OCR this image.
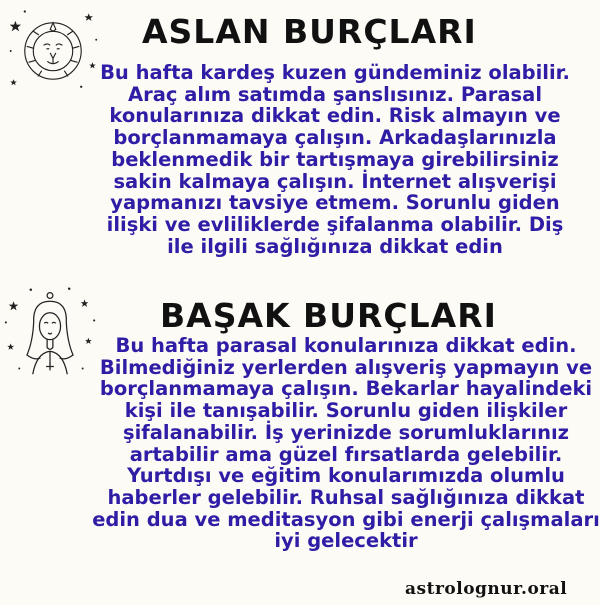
ASLAN BURÇLARI

Bu hafta kardeş kuzen gündeminiz olabilir. Araç alım satımda şanslısınız. Parasal konularınıza dikkat edin. Risk almayın ve borçlanmamaya çalışın. Arkadaşlarınızla beklenmedik bir tartışmaya girebilirsiniz sakin kalmaya çalışın. İnternet alışverişi yapmanızı tavsiye etmem. Sorunlu giden ilişki ve evliliklerde şifalanma olabilir. Diş ile ilgili sağlığınıza dikkat edin

BAŞAK BURÇLARI

Bu hafta parasal konularınıza dikkat edin. Bilmediğiniz yerlerden alışveriş yapmayın ve borçlanmamaya çalışın. Bekarlar hayalindeki kişi ile tanışabilir. Sorunlu giden ilişkiler şifalanabilir. İş yerinizde sorumluklarınız artabilir ama güzel fırsatlarda gelebilir. Yurtdışı ve eğitim konularımızda olumlu haberler gelebilir. Ruhsal sağlığınıza dikkat edin dua ve meditasyon gibi enerji çalışmaları iyi gelecektir

astrolognur.oral
